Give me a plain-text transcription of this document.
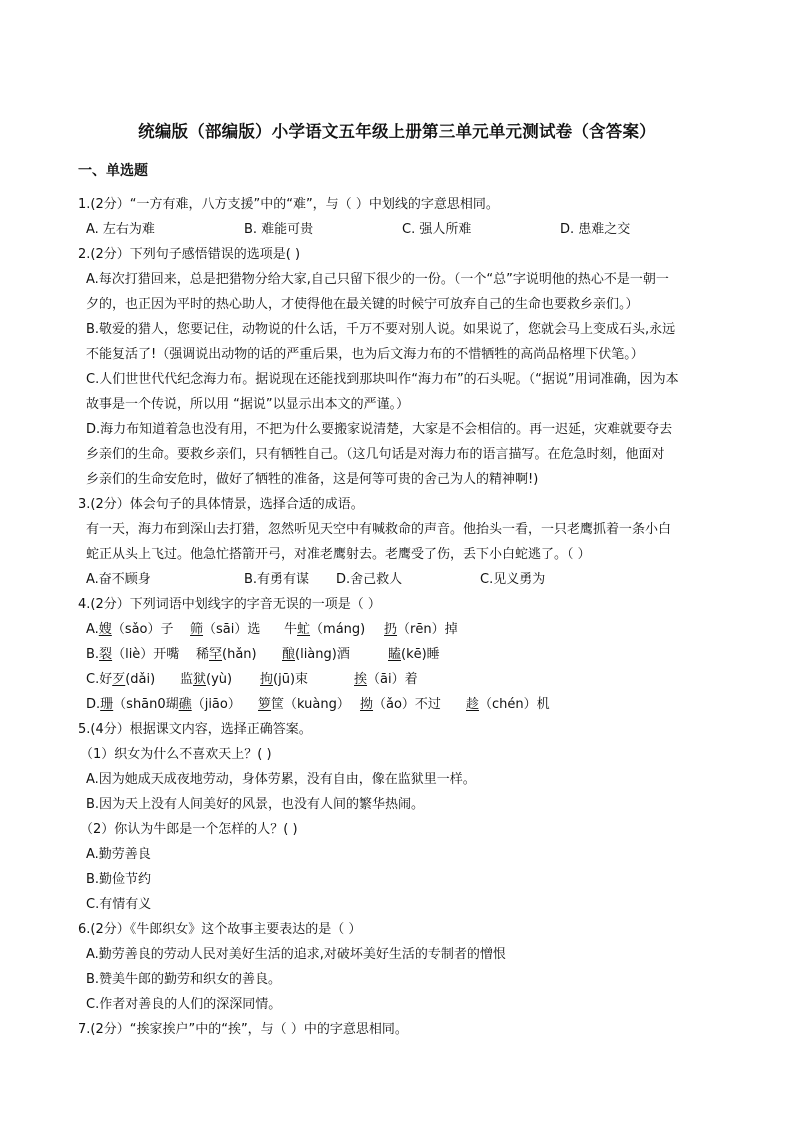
统编版（部编版）小学语文五年级上册第三单元单元测试卷（含答案）
一、单选题
1.(2分）“一方有难，八方支援”中的“难”，与（ ）中划线的字意思相同。
A. 左右为难	B. 难能可贵	C. 强人所难	D. 患难之交
2.(2分）下列句子感悟错误的选项是( )
A.每次打猎回来，总是把猎物分给大家,自己只留下很少的一份。（一个“总”字说明他的热心不是一朝一
夕的，也正因为平时的热心助人，才使得他在最关键的时候宁可放弃自己的生命也要救乡亲们。）
B.敬爱的猎人，您要记住，动物说的什么话，千万不要对别人说。如果说了，您就会马上变成石头,永远
不能复活了!（强调说出动物的话的严重后果，也为后文海力布的不惜牺牲的高尚品格埋下伏笔。）
C.人们世世代代纪念海力布。据说现在还能找到那块叫作“海力布”的石头呢。（“据说”用词准确，因为本
故事是一个传说，所以用 “据说”以显示出本文的严谨。）
D.海力布知道着急也没有用，不把为什么要搬家说清楚，大家是不会相信的。再一迟延，灾难就要夺去
乡亲们的生命。要救乡亲们，只有牺牲自己。（这几句话是对海力布的语言描写。在危急时刻，他面对
乡亲们的生命安危时，做好了牺牲的准备，这是何等可贵的舍己为人的精神啊!)
3.(2分）体会句子的具体情景，选择合适的成语。
有一天，海力布到深山去打猎，忽然听见天空中有喊救命的声音。他抬头一看，一只老鹰抓着一条小白
蛇正从头上飞过。他急忙搭箭开弓，对准老鹰射去。老鹰受了伤，丢下小白蛇逃了。（ ）
A.奋不顾身	B.有勇有谋 D.舍己救人	C.见义勇为
4.(2分）下列词语中划线字的字音无误的一项是（ ）
A.嫂（sǎo）子 筛（sāi）选 牛虻（máng) 扔（rēn）掉
B.裂（liè）开嘴 稀罕(hǎn) 酿(liàng)酒	瞌(kē)睡
C.好歹(dǎi) 监狱(yù) 拘(jū)束	挨（āi）着
D.珊（shān0瑚礁（jiāo） 箩筐（kuàng） 拗（ǎo）不过 趁（chén）机
5.(4分）根据课文内容，选择正确答案。
（1）织女为什么不喜欢天上？( )
A.因为她成天成夜地劳动，身体劳累，没有自由，像在监狱里一样。
B.因为天上没有人间美好的风景，也没有人间的繁华热闹。
（2）你认为牛郎是一个怎样的人？( )
A.勤劳善良
B.勤俭节约
C.有情有义
6.(2分）《牛郎织女》这个故事主要表达的是（ ）
A.勤劳善良的劳动人民对美好生活的追求,对破坏美好生活的专制者的憎恨
B.赞美牛郎的勤劳和织女的善良。
C.作者对善良的人们的深深同情。
7.(2分）“挨家挨户”中的“挨”，与（ ）中的字意思相同。
